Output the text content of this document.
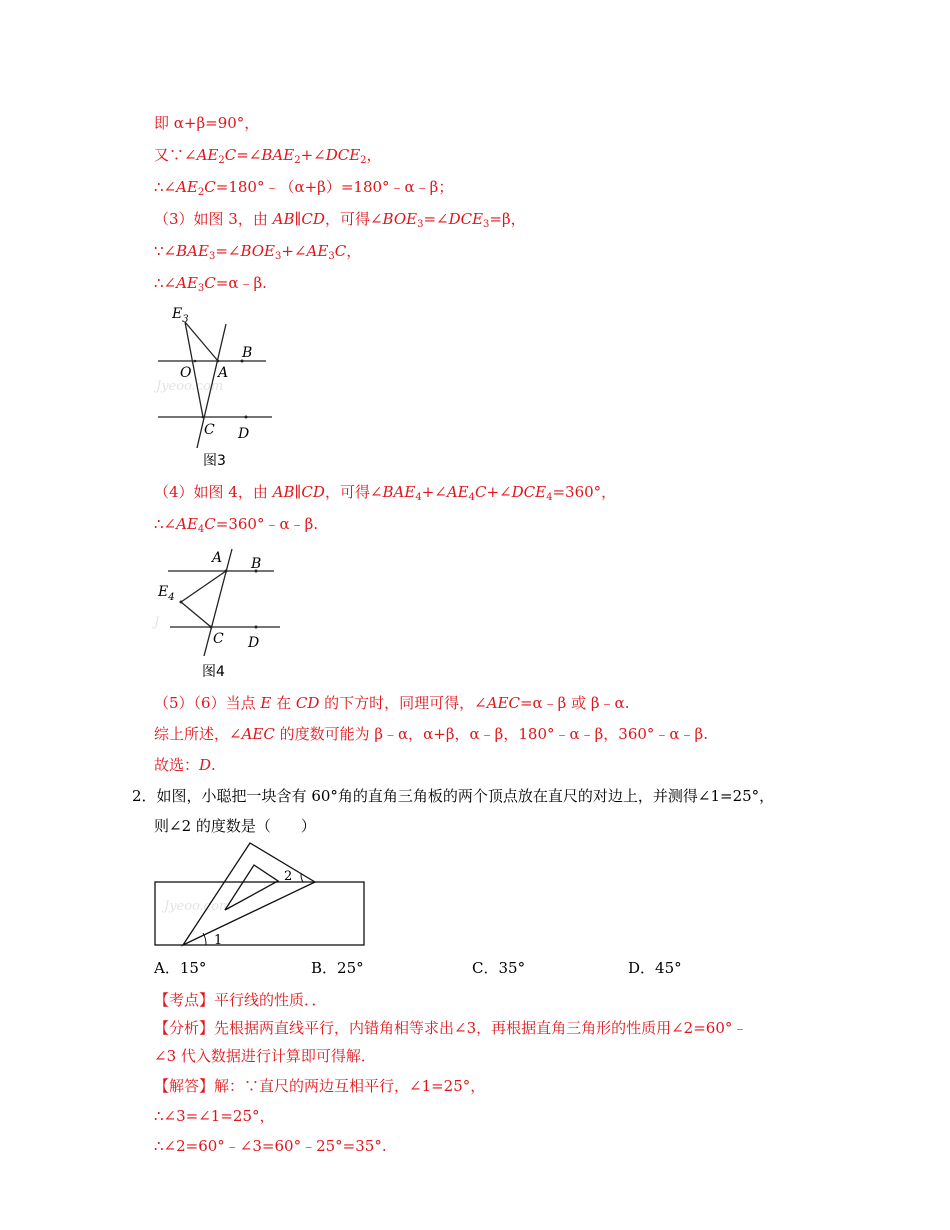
即 α+β=90°，
又$\because\angle AE_2C=\angle BAE_2+\angle DCE_2$，
$\therefore\angle AE_2C=180^\circ﹣(\alpha+\beta)=180^\circ﹣\alpha﹣\beta$；
（3）如图 3，由 AB∥CD，可得$\angle BOE_3=\angle DCE_3=\beta$，
$\because\angle BAE_3=\angle BOE_3+\angle AE_3C$，
$\therefore\angle AE_3C=\alpha﹣\beta$.
Jyeoo.com
$E_3$
B
O A
C D
图3
（4）如图 4，由 AB∥CD，可得$\angle BAE_4+\angle AE_4C+\angle DCE_4=360^\circ$，
$\therefore\angle AE_4C=360^\circ﹣\alpha﹣\beta$.
J
A B
$E_4$
C D
图4
（5）（6）当点 E 在 CD 的下方时，同理可得，∠AEC=α﹣β 或 β﹣α.
综上所述，∠AEC 的度数可能为 β﹣α，α+β，α﹣β，180°﹣α﹣β，360°﹣α﹣β.
故选：D.
2．如图，小聪把一块含有 60°角的直角三角板的两个顶点放在直尺的对边上，并测得∠1=25°，
则∠2 的度数是（　　）
Jyeoo.com
1
2
A．15°	B．25°	C．35°	D．45°
【考点】平行线的性质．．
【分析】先根据两直线平行，内错角相等求出∠3，再根据直角三角形的性质用∠2=60°﹣
∠3 代入数据进行计算即可得解．
【解答】解：∵直尺的两边互相平行，∠1=25°，
∴∠3=∠1=25°，
∴∠2=60°﹣∠3=60°﹣25°=35°.
